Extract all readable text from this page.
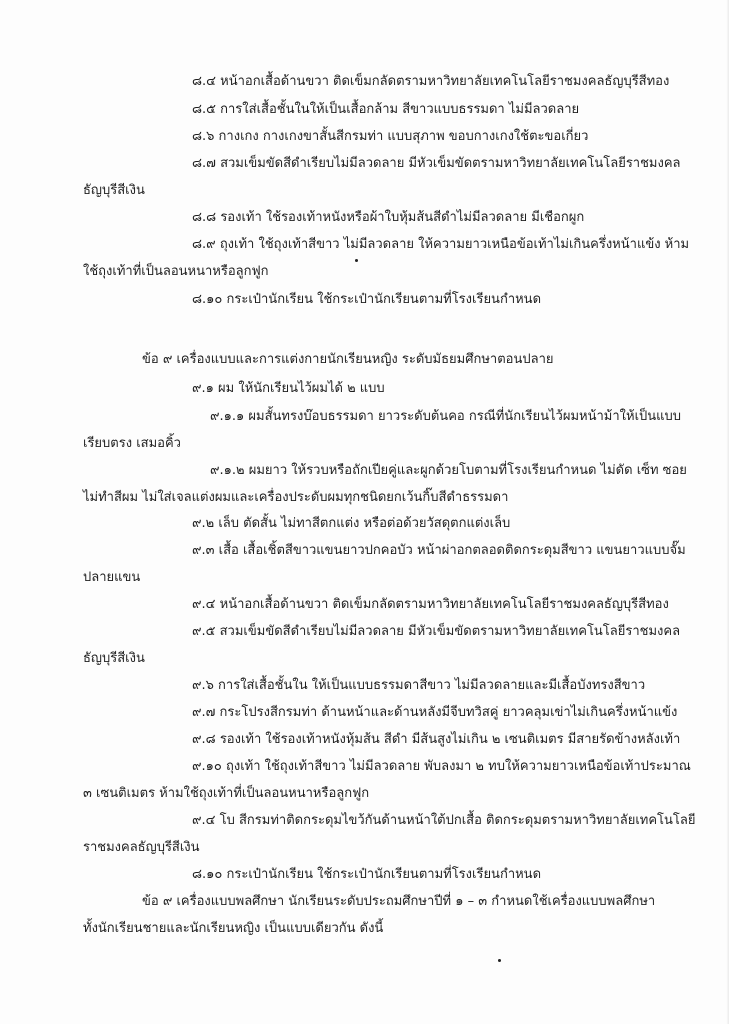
๘.๔ หน้าอกเสื้อด้านขวา ติดเข็มกลัดตรามหาวิทยาลัยเทคโนโลยีราชมงคลธัญบุรีสีทอง
๘.๕ การใส่เสื้อชั้นในให้เป็นเสื้อกล้าม สีขาวแบบธรรมดา ไม่มีลวดลาย
๘.๖ กางเกง กางเกงขาสั้นสีกรมท่า แบบสุภาพ ขอบกางเกงใช้ตะขอเกี่ยว
๘.๗ สวมเข็มขัดสีดำเรียบไม่มีลวดลาย มีหัวเข็มขัดตรามหาวิทยาลัยเทคโนโลยีราชมงคล
ธัญบุรีสีเงิน
๘.๘ รองเท้า ใช้รองเท้าหนังหรือผ้าใบหุ้มส้นสีดำไม่มีลวดลาย มีเชือกผูก
๘.๙ ถุงเท้า ใช้ถุงเท้าสีขาว ไม่มีลวดลาย ให้ความยาวเหนือข้อเท้าไม่เกินครึ่งหน้าแข้ง ห้าม
ใช้ถุงเท้าที่เป็นลอนหนาหรือลูกฟูก
๘.๑๐ กระเป๋านักเรียน ใช้กระเป๋านักเรียนตามที่โรงเรียนกำหนด
ข้อ ๙ เครื่องแบบและการแต่งกายนักเรียนหญิง ระดับมัธยมศึกษาตอนปลาย
๙.๑ ผม ให้นักเรียนไว้ผมได้ ๒ แบบ
๙.๑.๑ ผมสั้นทรงบ๊อบธรรมดา ยาวระดับต้นคอ กรณีที่นักเรียนไว้ผมหน้าม้าให้เป็นแบบ
เรียบตรง เสมอคิ้ว
๙.๑.๒ ผมยาว ให้รวบหรือถักเปียคู่และผูกด้วยโบตามที่โรงเรียนกำหนด ไม่ดัด เซ็ท ซอย
ไม่ทำสีผม ไม่ใส่เจลแต่งผมและเครื่องประดับผมทุกชนิดยกเว้นกิ๊บสีดำธรรมดา
๙.๒ เล็บ ตัดสั้น ไม่ทาสีตกแต่ง หรือต่อด้วยวัสดุตกแต่งเล็บ
๙.๓ เสื้อ เสื้อเชิ้ตสีขาวแขนยาวปกคอบัว หน้าผ่าอกตลอดติดกระดุมสีขาว แขนยาวแบบจั๊ม
ปลายแขน
๙.๔ หน้าอกเสื้อด้านขวา ติดเข็มกลัดตรามหาวิทยาลัยเทคโนโลยีราชมงคลธัญบุรีสีทอง
๙.๕ สวมเข็มขัดสีดำเรียบไม่มีลวดลาย มีหัวเข็มขัดตรามหาวิทยาลัยเทคโนโลยีราชมงคล
ธัญบุรีสีเงิน
๙.๖ การใส่เสื้อชั้นใน ให้เป็นแบบธรรมดาสีขาว ไม่มีลวดลายและมีเสื้อบังทรงสีขาว
๙.๗ กระโปรงสีกรมท่า ด้านหน้าและด้านหลังมีจีบทวิสคู่ ยาวคลุมเข่าไม่เกินครึ่งหน้าแข้ง
๙.๘ รองเท้า ใช้รองเท้าหนังหุ้มส้น สีดำ มีส้นสูงไม่เกิน ๒ เซนติเมตร มีสายรัดข้างหลังเท้า
๙.๑๐ ถุงเท้า ใช้ถุงเท้าสีขาว ไม่มีลวดลาย พับลงมา ๒ ทบให้ความยาวเหนือข้อเท้าประมาณ
๓ เซนติเมตร ห้ามใช้ถุงเท้าที่เป็นลอนหนาหรือลูกฟูก
๙.๔ โบ สีกรมท่าติดกระดุมไขว้กันด้านหน้าใต้ปกเสื้อ ติดกระดุมตรามหาวิทยาลัยเทคโนโลยี
ราชมงคลธัญบุรีสีเงิน
๘.๑๐ กระเป๋านักเรียน ใช้กระเป๋านักเรียนตามที่โรงเรียนกำหนด
ข้อ ๙ เครื่องแบบพลศึกษา นักเรียนระดับประถมศึกษาปีที่ ๑ – ๓ กำหนดใช้เครื่องแบบพลศึกษา
ทั้งนักเรียนชายและนักเรียนหญิง เป็นแบบเดียวกัน ดังนี้
